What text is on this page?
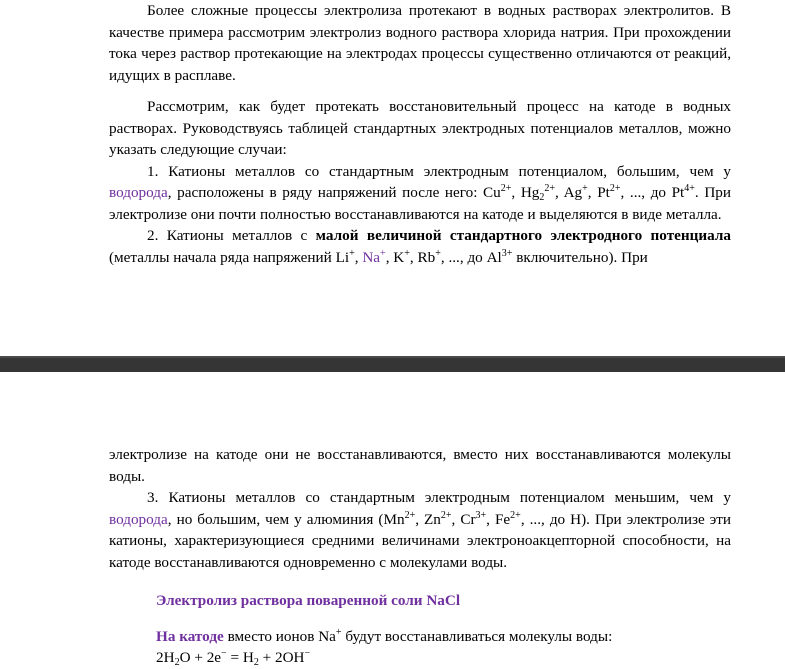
Более сложные процессы электролиза протекают в водных растворах электролитов. В качестве примера рассмотрим электролиз водного раствора хлорида натрия. При прохождении тока через раствор протекающие на электродах процессы существенно отличаются от реакций, идущих в расплаве.

Рассмотрим, как будет протекать восстановительный процесс на катоде в водных растворах. Руководствуясь таблицей стандартных электродных потенциалов металлов, можно указать следующие случаи:

1. Катионы металлов со стандартным электродным потенциалом, большим, чем у водорода, расположены в ряду напряжений после него: $Cu^{2+}$, $Hg_2^{2+}$, Ag+, $Pt^{2+}$, ..., до $Pt^{4+}$. При электролизе они почти полностью восстанавливаются на катоде и выделяются в виде металла.

2. Катионы металлов с малой величиной стандартного электродного потенциала (металлы начала ряда напряжений Li+, Na+, K+, Rb+, ..., до $Al^{3+}$ включительно). При

электролизе на катоде они не восстанавливаются, вместо них восстанавливаются молекулы воды.

3. Катионы металлов со стандартным электродным потенциалом меньшим, чем у водорода, но большим, чем у алюминия ($Mn^{2+}$, $Zn^{2+}$, $Cr^{3+}$, $Fe^{2+}$, ..., до Н). При электролизе эти катионы, характеризующиеся средними величинами электроноакцепторной способности, на катоде восстанавливаются одновременно с молекулами воды.

Электролиз раствора поваренной соли NaCl

На катоде вместо ионов Na+ будут восстанавливаться молекулы воды:

$2H_2O + 2e^- = H_2 + 2OH^-$
